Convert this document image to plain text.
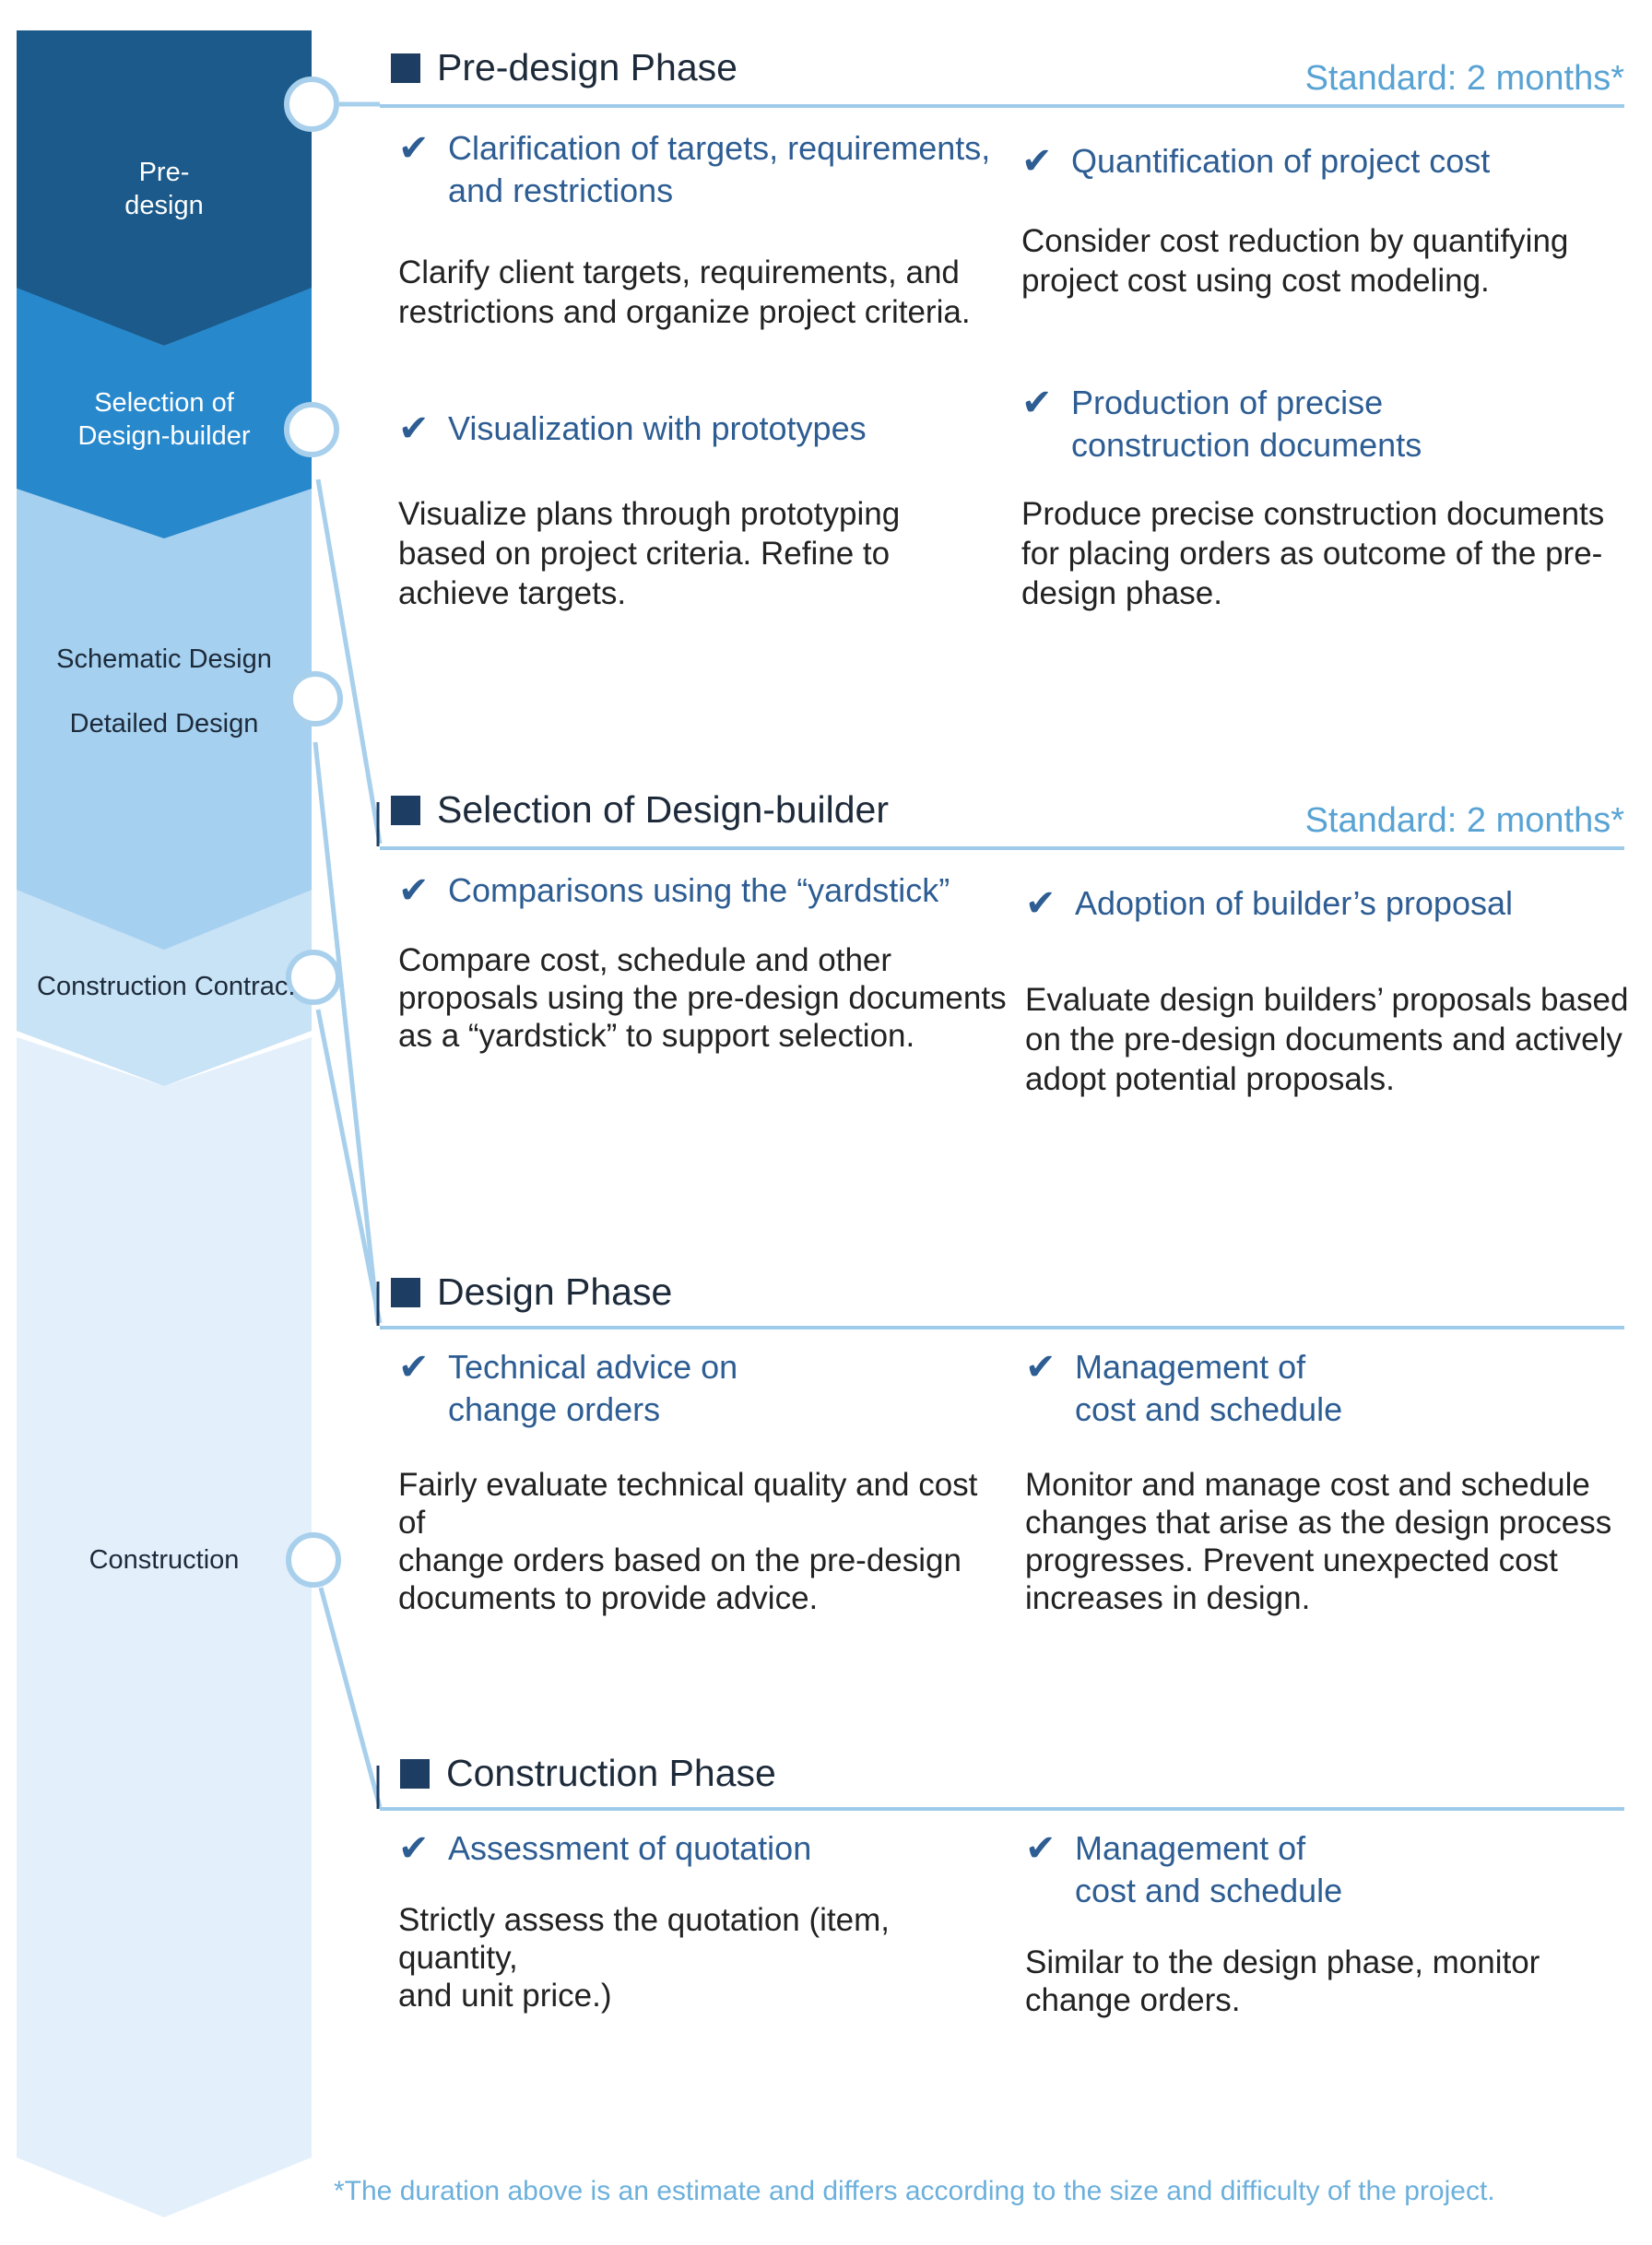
Pre-
design
Selection of
Design-builder
Schematic Design
Detailed Design
Construction Contrac.
Construction
Pre-design Phase	Standard: 2 months*
✔ Clarification of targets, requirements,
and restrictions
Clarify client targets, requirements, and
restrictions and organize project criteria.
✔ Quantification of project cost
Consider cost reduction by quantifying
project cost using cost modeling.
✔ Visualization with prototypes
Visualize plans through prototyping
based on project criteria. Refine to
achieve targets.
✔ Production of precise
construction documents
Produce precise construction documents
for placing orders as outcome of the pre-
design phase.
Selection of Design-builder	Standard: 2 months*
✔ Comparisons using the “yardstick”
Compare cost, schedule and other
proposals using the pre-design documents
as a “yardstick” to support selection.
✔ Adoption of builder’s proposal
Evaluate design builders’ proposals based
on the pre-design documents and actively
adopt potential proposals.
Design Phase
✔ Technical advice on
change orders
Fairly evaluate technical quality and cost of
change orders based on the pre-design
documents to provide advice.
✔ Management of
cost and schedule
Monitor and manage cost and schedule
changes that arise as the design process
progresses. Prevent unexpected cost
increases in design.
Construction Phase
✔ Assessment of quotation
Strictly assess the quotation (item, quantity,
and unit price.)
✔ Management of
cost and schedule
Similar to the design phase, monitor
change orders.
*The duration above is an estimate and differs according to the size and difficulty of the project.
